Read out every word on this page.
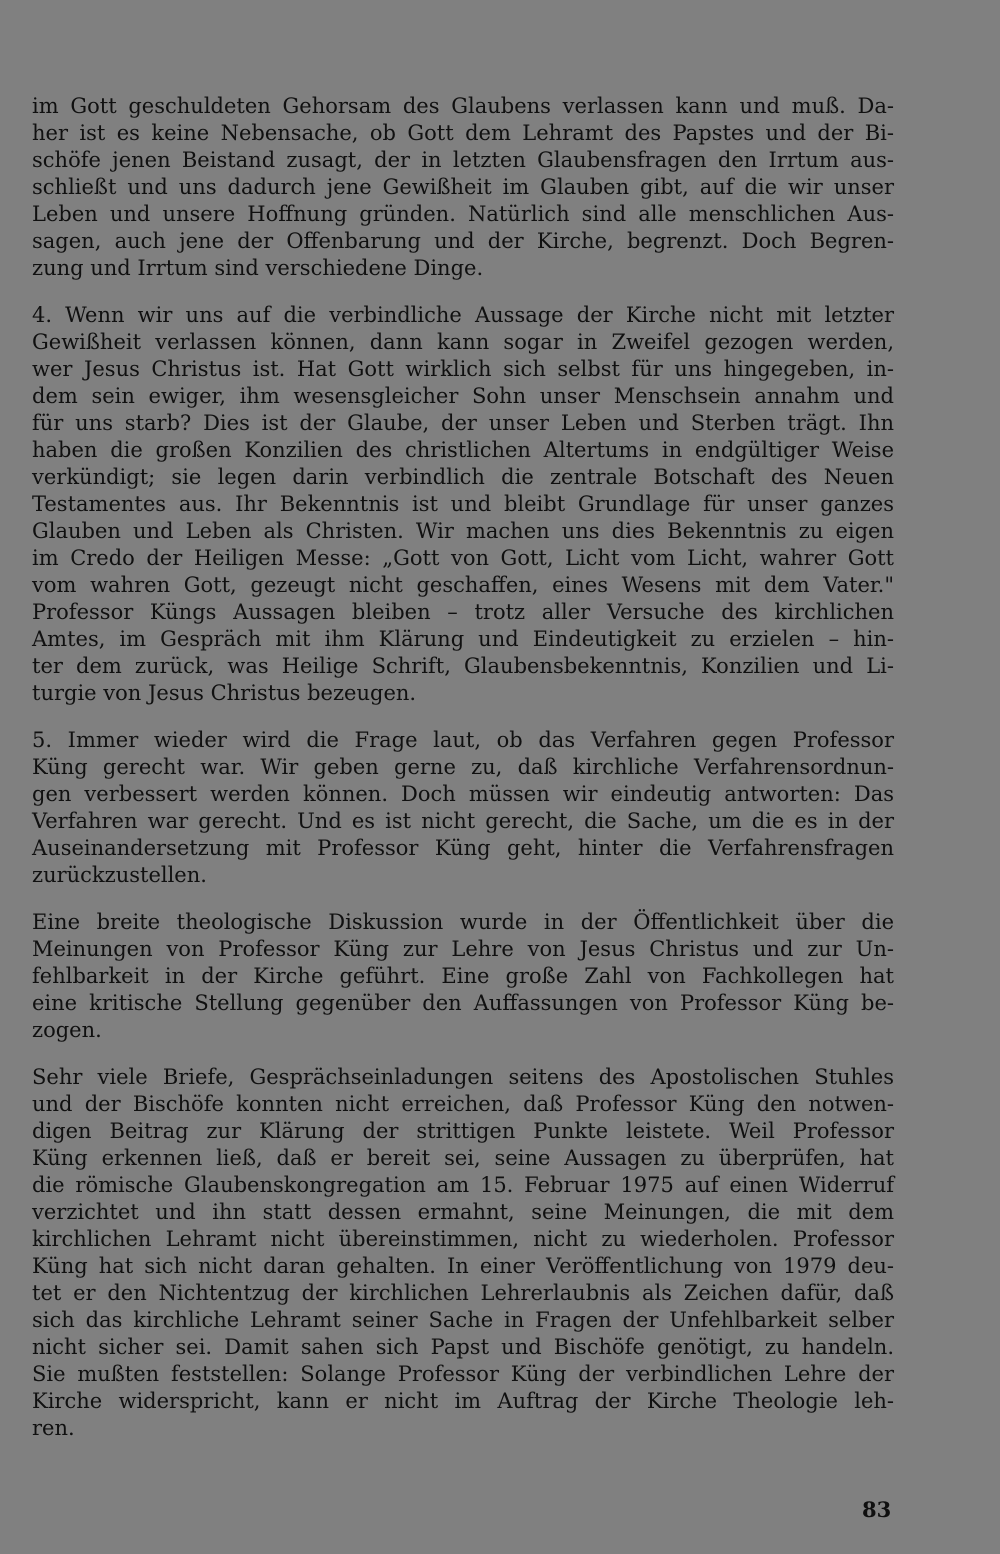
im Gott geschuldeten Gehorsam des Glaubens verlassen kann und muß. Da-
her ist es keine Nebensache, ob Gott dem Lehramt des Papstes und der Bi-
schöfe jenen Beistand zusagt, der in letzten Glaubensfragen den Irrtum aus-
schließt und uns dadurch jene Gewißheit im Glauben gibt, auf die wir unser
Leben und unsere Hoffnung gründen. Natürlich sind alle menschlichen Aus-
sagen, auch jene der Offenbarung und der Kirche, begrenzt. Doch Begren-
zung und Irrtum sind verschiedene Dinge.
4. Wenn wir uns auf die verbindliche Aussage der Kirche nicht mit letzter
Gewißheit verlassen können, dann kann sogar in Zweifel gezogen werden,
wer Jesus Christus ist. Hat Gott wirklich sich selbst für uns hingegeben, in-
dem sein ewiger, ihm wesensgleicher Sohn unser Menschsein annahm und
für uns starb? Dies ist der Glaube, der unser Leben und Sterben trägt. Ihn
haben die großen Konzilien des christlichen Altertums in endgültiger Weise
verkündigt; sie legen darin verbindlich die zentrale Botschaft des Neuen
Testamentes aus. Ihr Bekenntnis ist und bleibt Grundlage für unser ganzes
Glauben und Leben als Christen. Wir machen uns dies Bekenntnis zu eigen
im Credo der Heiligen Messe: „Gott von Gott, Licht vom Licht, wahrer Gott
vom wahren Gott, gezeugt nicht geschaffen, eines Wesens mit dem Vater."
Professor Küngs Aussagen bleiben – trotz aller Versuche des kirchlichen
Amtes, im Gespräch mit ihm Klärung und Eindeutigkeit zu erzielen – hin-
ter dem zurück, was Heilige Schrift, Glaubensbekenntnis, Konzilien und Li-
turgie von Jesus Christus bezeugen.
5. Immer wieder wird die Frage laut, ob das Verfahren gegen Professor
Küng gerecht war. Wir geben gerne zu, daß kirchliche Verfahrensordnun-
gen verbessert werden können. Doch müssen wir eindeutig antworten: Das
Verfahren war gerecht. Und es ist nicht gerecht, die Sache, um die es in der
Auseinandersetzung mit Professor Küng geht, hinter die Verfahrensfragen
zurückzustellen.
Eine breite theologische Diskussion wurde in der Öffentlichkeit über die
Meinungen von Professor Küng zur Lehre von Jesus Christus und zur Un-
fehlbarkeit in der Kirche geführt. Eine große Zahl von Fachkollegen hat
eine kritische Stellung gegenüber den Auffassungen von Professor Küng be-
zogen.
Sehr viele Briefe, Gesprächseinladungen seitens des Apostolischen Stuhles
und der Bischöfe konnten nicht erreichen, daß Professor Küng den notwen-
digen Beitrag zur Klärung der strittigen Punkte leistete. Weil Professor
Küng erkennen ließ, daß er bereit sei, seine Aussagen zu überprüfen, hat
die römische Glaubenskongregation am 15. Februar 1975 auf einen Widerruf
verzichtet und ihn statt dessen ermahnt, seine Meinungen, die mit dem
kirchlichen Lehramt nicht übereinstimmen, nicht zu wiederholen. Professor
Küng hat sich nicht daran gehalten. In einer Veröffentlichung von 1979 deu-
tet er den Nichtentzug der kirchlichen Lehrerlaubnis als Zeichen dafür, daß
sich das kirchliche Lehramt seiner Sache in Fragen der Unfehlbarkeit selber
nicht sicher sei. Damit sahen sich Papst und Bischöfe genötigt, zu handeln.
Sie mußten feststellen: Solange Professor Küng der verbindlichen Lehre der
Kirche widerspricht, kann er nicht im Auftrag der Kirche Theologie leh-
ren.
83
